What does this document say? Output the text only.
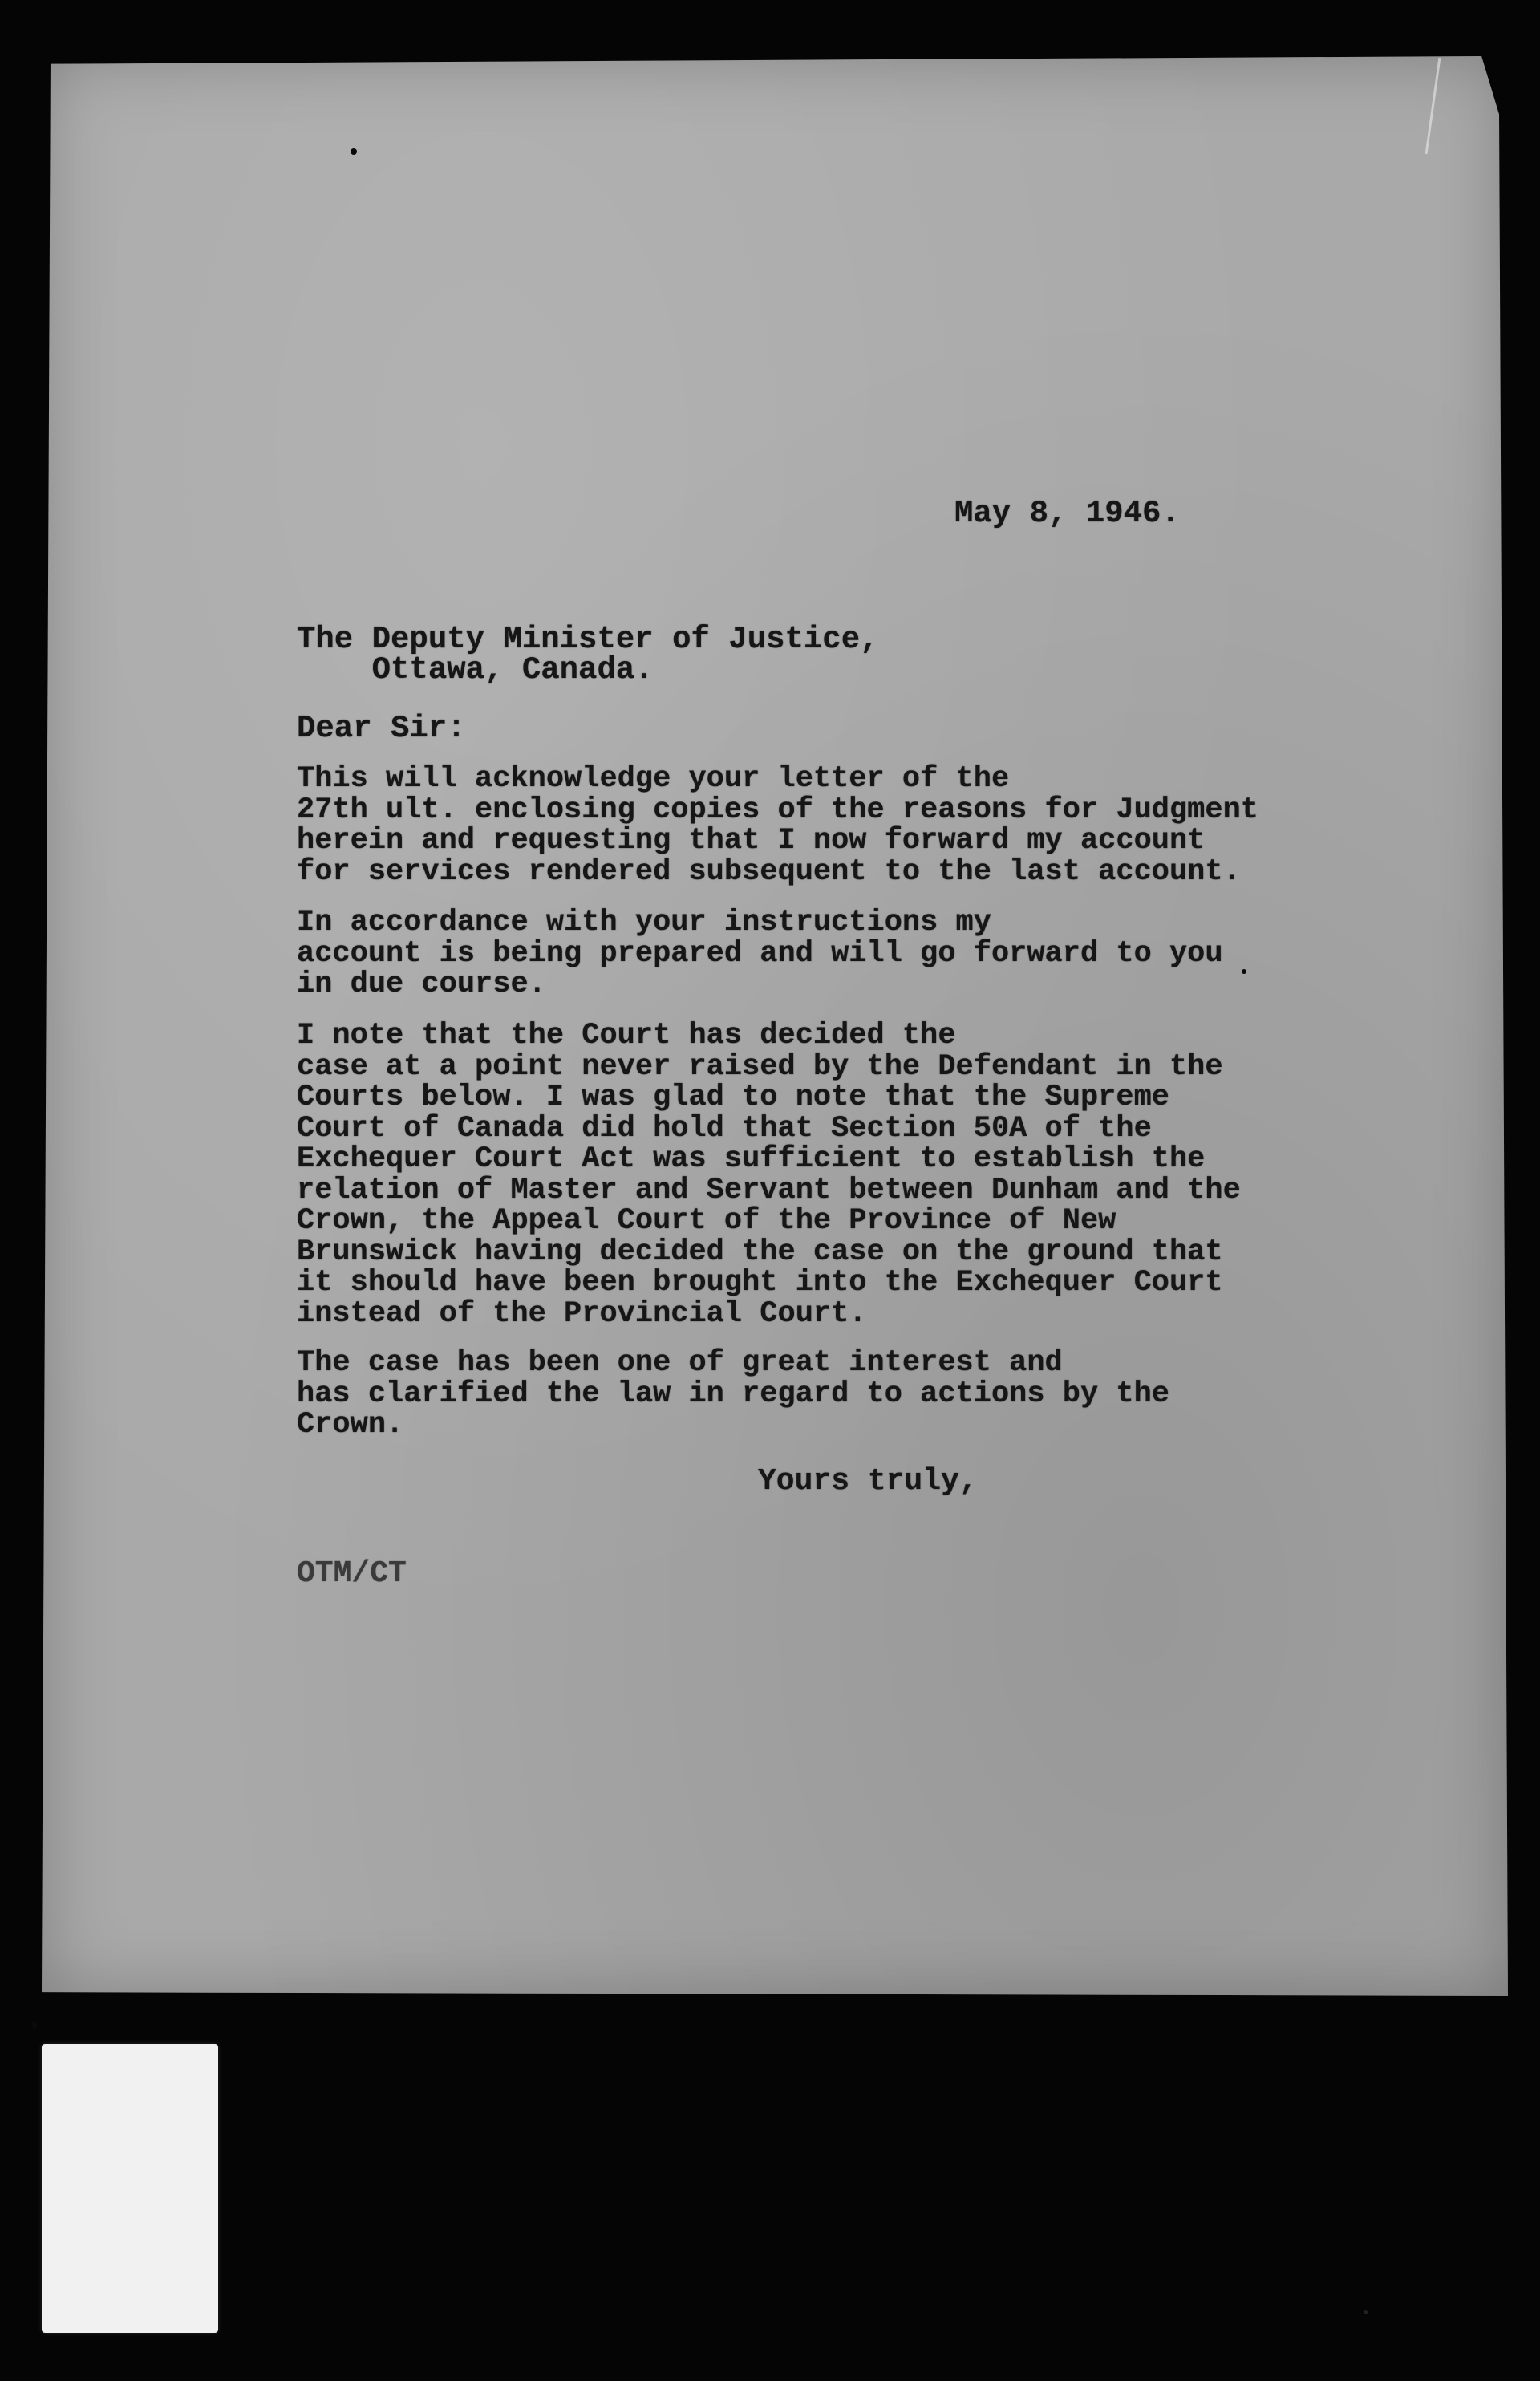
May 8, 1946.
The Deputy Minister of Justice,
Ottawa, Canada.
Dear Sir:
This will acknowledge your letter of the
27th ult. enclosing copies of the reasons for Judgment
herein and requesting that I now forward my account
for services rendered subsequent to the last account.
In accordance with your instructions my
account is being prepared and will go forward to you
in due course.
I note that the Court has decided the
case at a point never raised by the Defendant in the
Courts below. I was glad to note that the Supreme
Court of Canada did hold that Section 50A of the
Exchequer Court Act was sufficient to establish the
relation of Master and Servant between Dunham and the
Crown, the Appeal Court of the Province of New
Brunswick having decided the case on the ground that
it should have been brought into the Exchequer Court
instead of the Provincial Court.
The case has been one of great interest and
has clarified the law in regard to actions by the
Crown.
Yours truly,
OTM/CT
